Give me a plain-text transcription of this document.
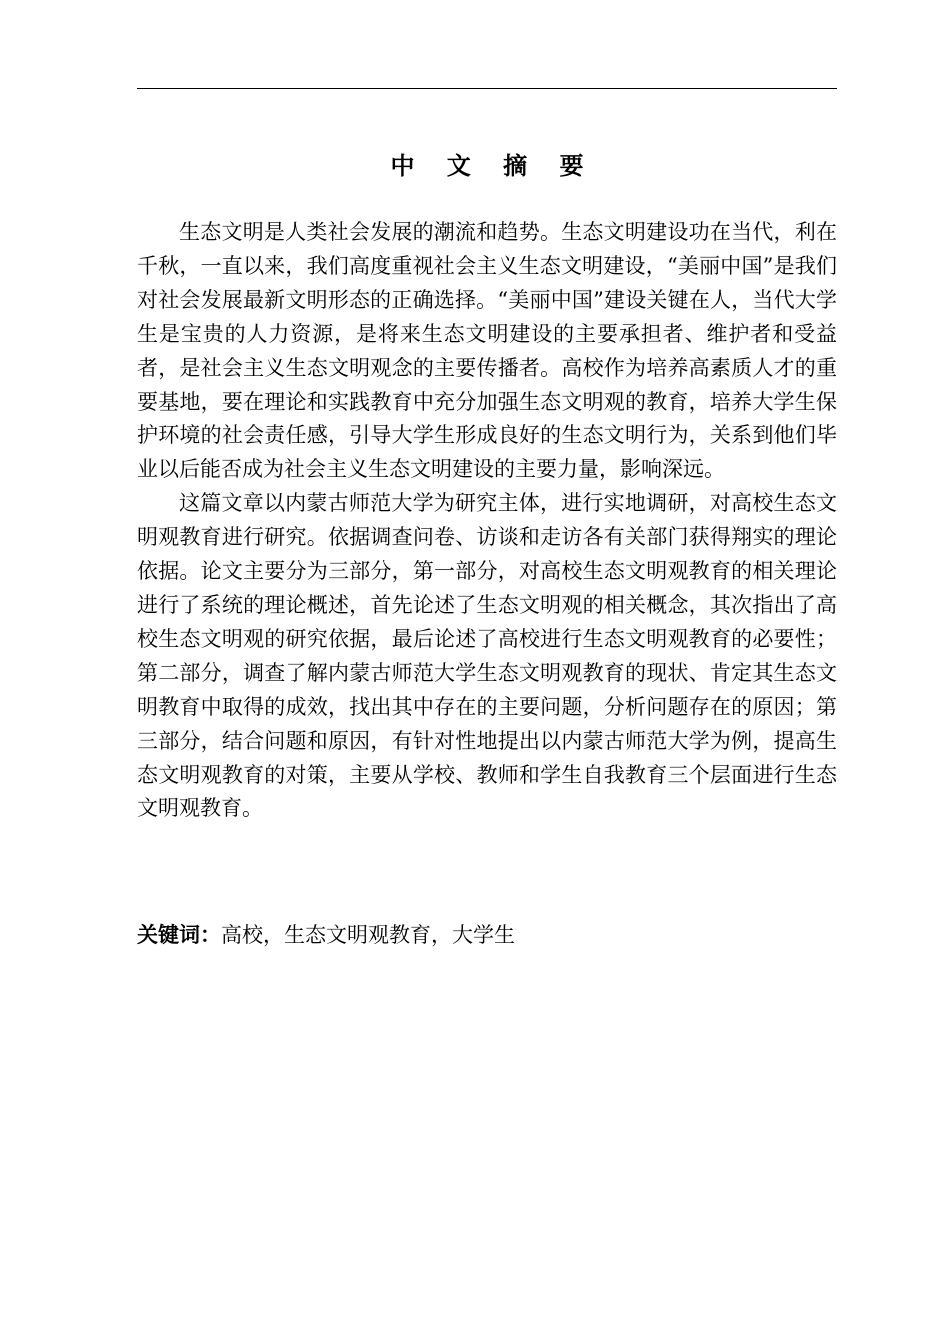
中 文 摘 要

生态文明是人类社会发展的潮流和趋势。生态文明建设功在当代，利在千秋，一直以来，我们高度重视社会主义生态文明建设，“美丽中国”是我们对社会发展最新文明形态的正确选择。“美丽中国”建设关键在人，当代大学生是宝贵的人力资源，是将来生态文明建设的主要承担者、维护者和受益者，是社会主义生态文明观念的主要传播者。高校作为培养高素质人才的重要基地，要在理论和实践教育中充分加强生态文明观的教育，培养大学生保护环境的社会责任感，引导大学生形成良好的生态文明行为，关系到他们毕业以后能否成为社会主义生态文明建设的主要力量，影响深远。

这篇文章以内蒙古师范大学为研究主体，进行实地调研，对高校生态文明观教育进行研究。依据调查问卷、访谈和走访各有关部门获得翔实的理论依据。论文主要分为三部分，第一部分，对高校生态文明观教育的相关理论进行了系统的理论概述，首先论述了生态文明观的相关概念，其次指出了高校生态文明观的研究依据，最后论述了高校进行生态文明观教育的必要性；第二部分，调查了解内蒙古师范大学生态文明观教育的现状、肯定其生态文明教育中取得的成效，找出其中存在的主要问题，分析问题存在的原因；第三部分，结合问题和原因，有针对性地提出以内蒙古师范大学为例，提高生态文明观教育的对策，主要从学校、教师和学生自我教育三个层面进行生态文明观教育。

关键词：高校，生态文明观教育，大学生
